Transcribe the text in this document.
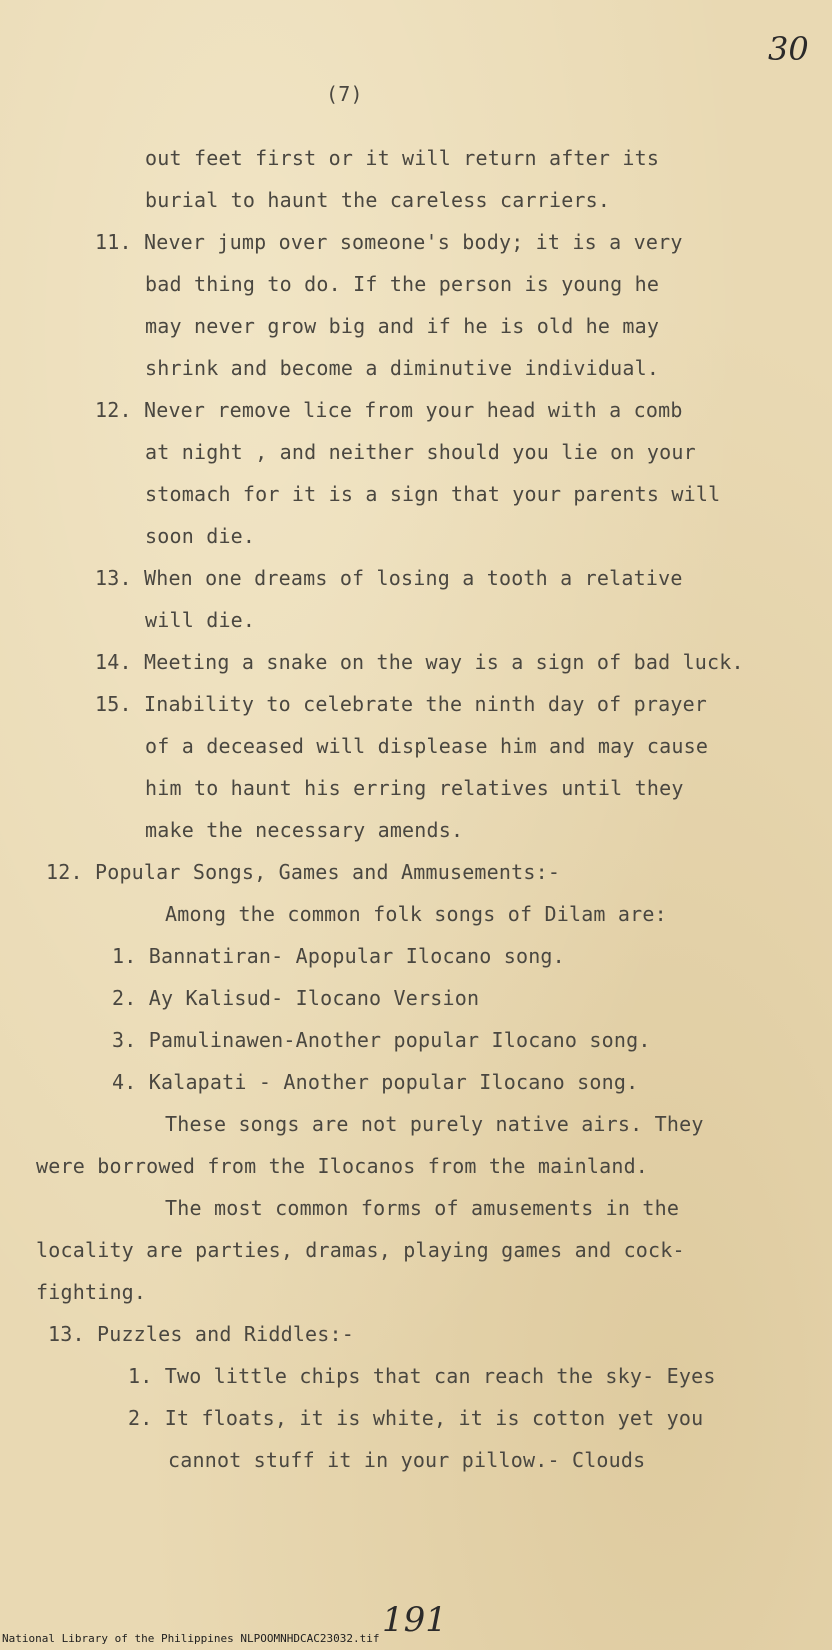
30
(7)
out feet first or it will return after its
burial to haunt the careless carriers.
11. Never jump over someone's body; it is a very
bad thing to do. If the person is young he
may never grow big and if he is old he may
shrink and become a diminutive individual.
12. Never remove lice from your head with a comb
at night , and neither should you lie on your
stomach for it is a sign that your parents will
soon die.
13. When one dreams of losing a tooth a relative
will die.
14. Meeting a snake on the way is a sign of bad luck.
15. Inability to celebrate the ninth day of prayer
of a deceased will displease him and may cause
him to haunt his erring relatives until they
make the necessary amends.
12. Popular Songs, Games and Ammusements:-
Among the common folk songs of Dilam are:
1. Bannatiran- Apopular Ilocano song.
2. Ay Kalisud- Ilocano Version
3. Pamulinawen-Another popular Ilocano song.
4. Kalapati - Another popular Ilocano song.
These songs are not purely native airs. They
were borrowed from the Ilocanos from the mainland.
The most common forms of amusements in the
locality are parties, dramas, playing games and cock-
fighting.
13. Puzzles and Riddles:-
1. Two little chips that can reach the sky- Eyes
2. It floats, it is white, it is cotton yet you
cannot stuff it in your pillow.- Clouds
191
National Library of the Philippines NLPOOMNHDCAC23032.tif
